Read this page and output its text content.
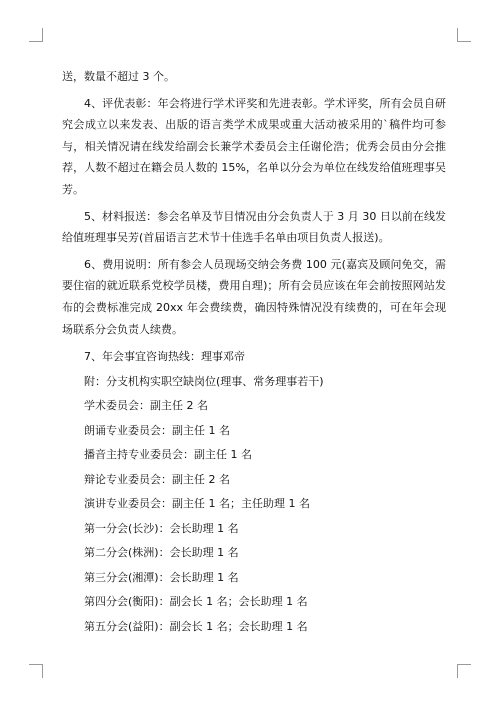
送，数量不超过 3 个。

4、评优表彰：年会将进行学术评奖和先进表彰。学术评奖，所有会员自研究会成立以来发表、出版的语言类学术成果或重大活动被采用的`稿件均可参与，相关情况请在线发给副会长兼学术委员会主任谢伦浩；优秀会员由分会推荐，人数不超过在籍会员人数的 15%，名单以分会为单位在线发给值班理事吴芳。

5、材料报送：参会名单及节目情况由分会负责人于 3 月 30 日以前在线发给值班理事吴芳(首届语言艺术节十佳选手名单由项目负责人报送)。

6、费用说明：所有参会人员现场交纳会务费 100 元(嘉宾及顾问免交，需要住宿的就近联系党校学员楼，费用自理)；所有会员应该在年会前按照网站发布的会费标准完成 20xx 年会费续费，确因特殊情况没有续费的，可在年会现场联系分会负责人续费。

7、年会事宜咨询热线：理事邓帝
附：分支机构实职空缺岗位(理事、常务理事若干)
学术委员会：副主任 2 名
朗诵专业委员会：副主任 1 名
播音主持专业委员会：副主任 1 名
辩论专业委员会：副主任 2 名
演讲专业委员会：副主任 1 名；主任助理 1 名
第一分会(长沙)：会长助理 1 名
第二分会(株洲)：会长助理 1 名
第三分会(湘潭)：会长助理 1 名
第四分会(衡阳)：副会长 1 名；会长助理 1 名
第五分会(益阳)：副会长 1 名；会长助理 1 名
